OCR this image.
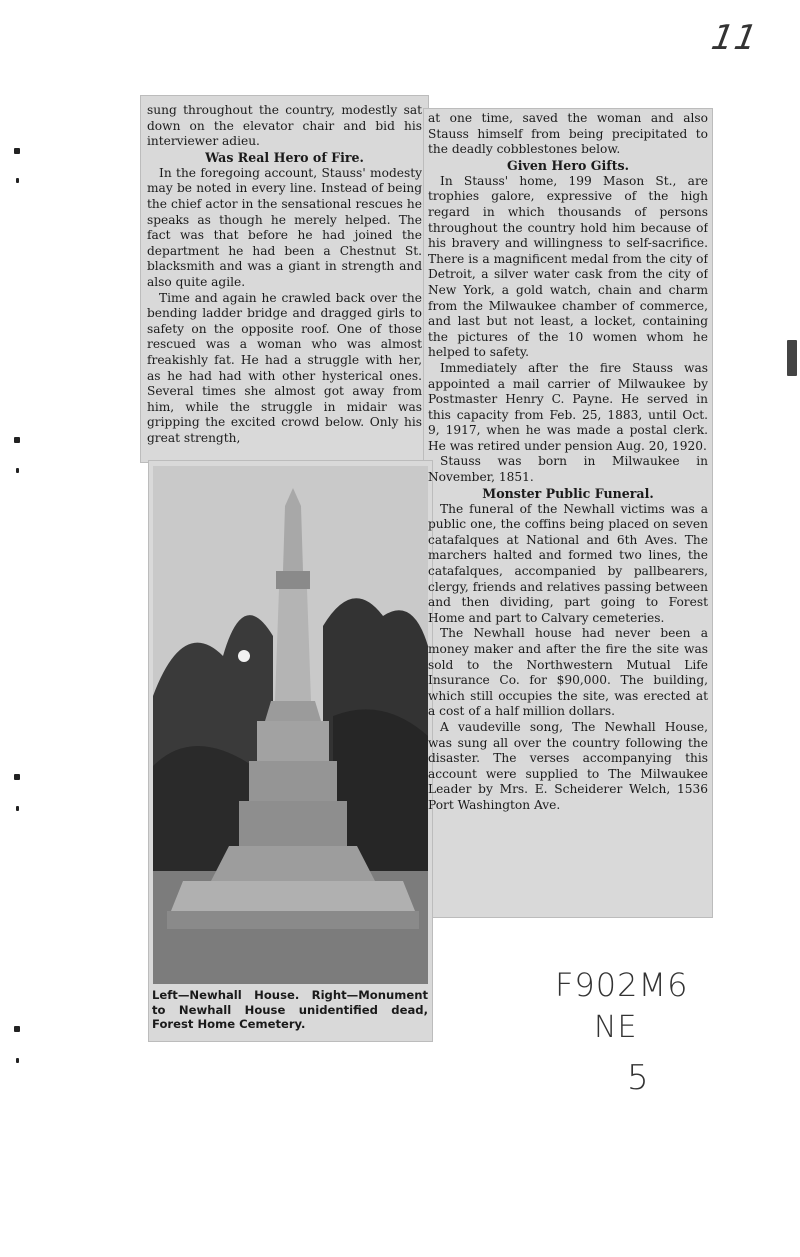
11

sung throughout the country, modestly sat down on the elevator chair and bid his interviewer adieu.

Was Real Hero of Fire.

In the foregoing account, Stauss' modesty may be noted in every line. Instead of being the chief actor in the sensational rescues he speaks as though he merely helped. The fact was that before he had joined the department he had been a Chestnut St. blacksmith and was a giant in strength and also quite agile.

Time and again he crawled back over the bending ladder bridge and dragged girls to safety on the opposite roof. One of those rescued was a woman who was almost freakishly fat. He had a struggle with her, as he had had with other hysterical ones. Several times she almost got away from him, while the struggle in midair was gripping the excited crowd below. Only his great strength,

at one time, saved the woman and also Stauss himself from being precipitated to the deadly cobblestones below.

Given Hero Gifts.

In Stauss' home, 199 Mason St., are trophies galore, expressive of the high regard in which thousands of persons throughout the country hold him because of his bravery and willingness to self-sacrifice. There is a magnificent medal from the city of Detroit, a silver water cask from the city of New York, a gold watch, chain and charm from the Milwaukee chamber of commerce, and last but not least, a locket, containing the pictures of the 10 women whom he helped to safety.

Immediately after the fire Stauss was appointed a mail carrier of Milwaukee by Postmaster Henry C. Payne. He served in this capacity from Feb. 25, 1883, until Oct. 9, 1917, when he was made a postal clerk. He was retired under pension Aug. 20, 1920.

Stauss was born in Milwaukee in November, 1851.

Monster Public Funeral.

The funeral of the Newhall victims was a public one, the coffins being placed on seven catafalques at National and 6th Aves. The marchers halted and formed two lines, the catafalques, accompanied by pallbearers, clergy, friends and relatives passing between and then dividing, part going to Forest Home and part to Calvary cemeteries.

The Newhall house had never been a money maker and after the fire the site was sold to the Northwestern Mutual Life Insurance Co. for $90,000. The building, which still occupies the site, was erected at a cost of a half million dollars.

A vaudeville song, The Newhall House, was sung all over the country following the disaster. The verses accompanying this account were supplied to The Milwaukee Leader by Mrs. E. Scheiderer Welch, 1536 Port Washington Ave.

Left—Newhall House. Right—Monument to Newhall House unidentified dead, Forest Home Cemetery.
F902M6
NE
5
